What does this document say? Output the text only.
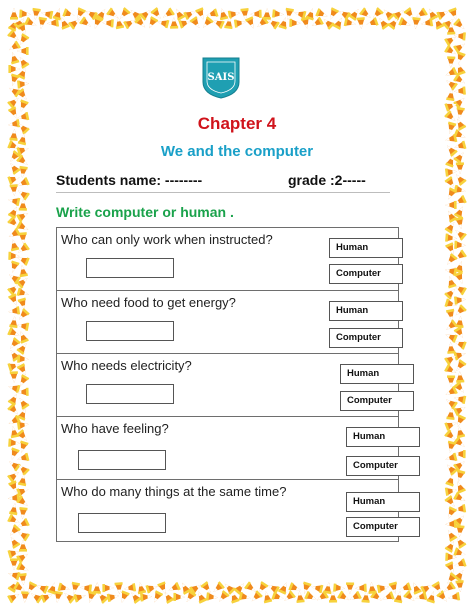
SAIS
Chapter 4
We and the computer
Students name: --------	grade :2-----
Write computer or human .
Who can only work when instructed?
Human
Computer
Who need food to get energy?
Human
Computer
Who needs electricity?
Human
Computer
Who have feeling?
Human
Computer
Who do many things at the same time?
Human
Computer
